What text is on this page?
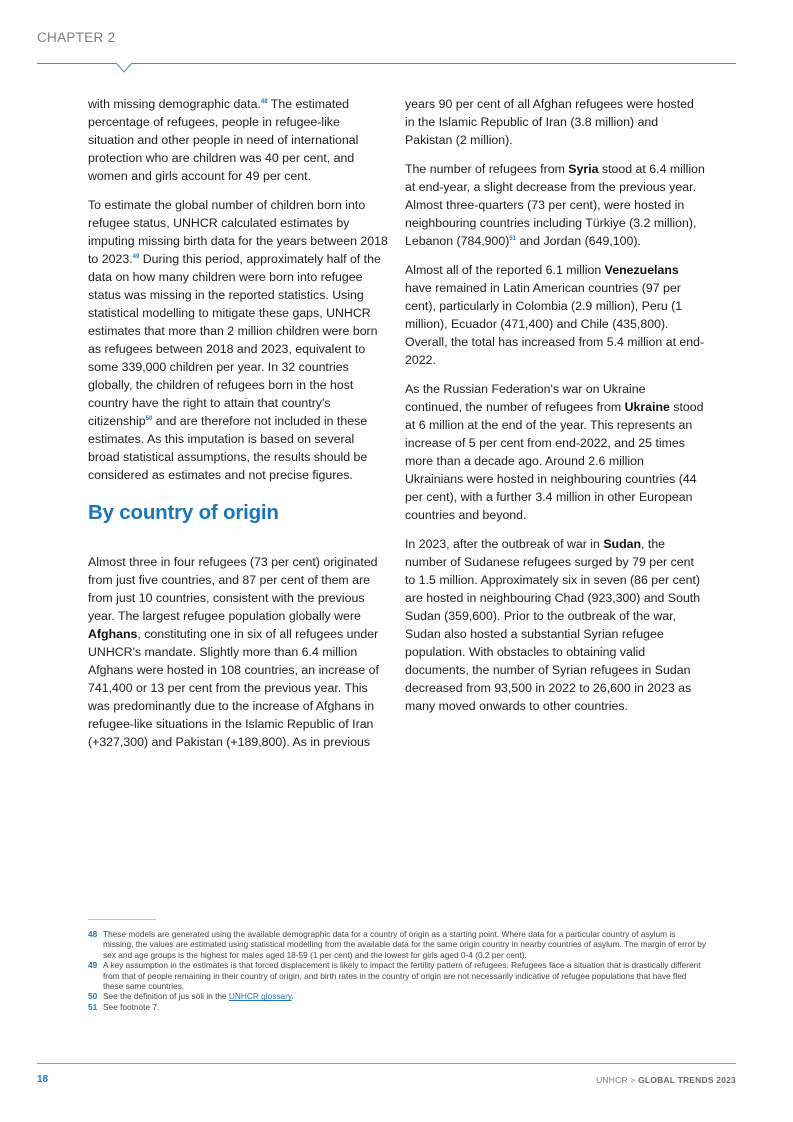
CHAPTER 2

with missing demographic data.$^{48}$ The estimated percentage of refugees, people in refugee-like situation and other people in need of international protection who are children was 40 per cent, and women and girls account for 49 per cent.

To estimate the global number of children born into refugee status, UNHCR calculated estimates by imputing missing birth data for the years between 2018 to 2023.49 During this period, approximately half of the data on how many children were born into refugee status was missing in the reported statistics. Using statistical modelling to mitigate these gaps, UNHCR estimates that more than 2 million children were born as refugees between 2018 and 2023, equivalent to some 339,000 children per year. In 32 countries globally, the children of refugees born in the host country have the right to attain that country's citizenship$^{50}$ and are therefore not included in these estimates. As this imputation is based on several broad statistical assumptions, the results should be considered as estimates and not precise figures.

By country of origin

Almost three in four refugees (73 per cent) originated from just five countries, and 87 per cent of them are from just 10 countries, consistent with the previous year. The largest refugee population globally were Afghans, constituting one in six of all refugees under UNHCR's mandate. Slightly more than 6.4 million Afghans were hosted in 108 countries, an increase of 741,400 or 13 per cent from the previous year. This was predominantly due to the increase of Afghans in refugee-like situations in the Islamic Republic of Iran (+327,300) and Pakistan (+189,800). As in previous

years 90 per cent of all Afghan refugees were hosted in the Islamic Republic of Iran (3.8 million) and Pakistan (2 million).

The number of refugees from Syria stood at 6.4 million at end-year, a slight decrease from the previous year. Almost three-quarters (73 per cent), were hosted in neighbouring countries including Türkiye (3.2 million), Lebanon (784,900)$^{51}$ and Jordan (649,100).

Almost all of the reported 6.1 million Venezuelans have remained in Latin American countries (97 per cent), particularly in Colombia (2.9 million), Peru (1 million), Ecuador (471,400) and Chile (435,800). Overall, the total has increased from 5.4 million at end-2022.

As the Russian Federation's war on Ukraine continued, the number of refugees from Ukraine stood at 6 million at the end of the year. This represents an increase of 5 per cent from end-2022, and 25 times more than a decade ago. Around 2.6 million Ukrainians were hosted in neighbouring countries (44 per cent), with a further 3.4 million in other European countries and beyond.

In 2023, after the outbreak of war in Sudan, the number of Sudanese refugees surged by 79 per cent to 1.5 million. Approximately six in seven (86 per cent) are hosted in neighbouring Chad (923,300) and South Sudan (359,600). Prior to the outbreak of the war, Sudan also hosted a substantial Syrian refugee population. With obstacles to obtaining valid documents, the number of Syrian refugees in Sudan decreased from 93,500 in 2022 to 26,600 in 2023 as many moved onwards to other countries.

48 These models are generated using the available demographic data for a country of origin as a starting point. Where data for a particular country of asylum is missing, the values are estimated using statistical modelling from the available data for the same origin country in nearby countries of asylum. The margin of error by sex and age groups is the highest for males aged 18-59 (1 per cent) and the lowest for girls aged 0-4 (0.2 per cent).
49 A key assumption in the estimates is that forced displacement is likely to impact the fertility pattern of refugees. Refugees face a situation that is drastically different from that of people remaining in their country of origin, and birth rates in the country of origin are not necessarily indicative of refugee populations that have fled these same countries.
50 See the definition of jus soli in the UNHCR glossary.
51 See footnote 7.
18	UNHCR > GLOBAL TRENDS 2023
